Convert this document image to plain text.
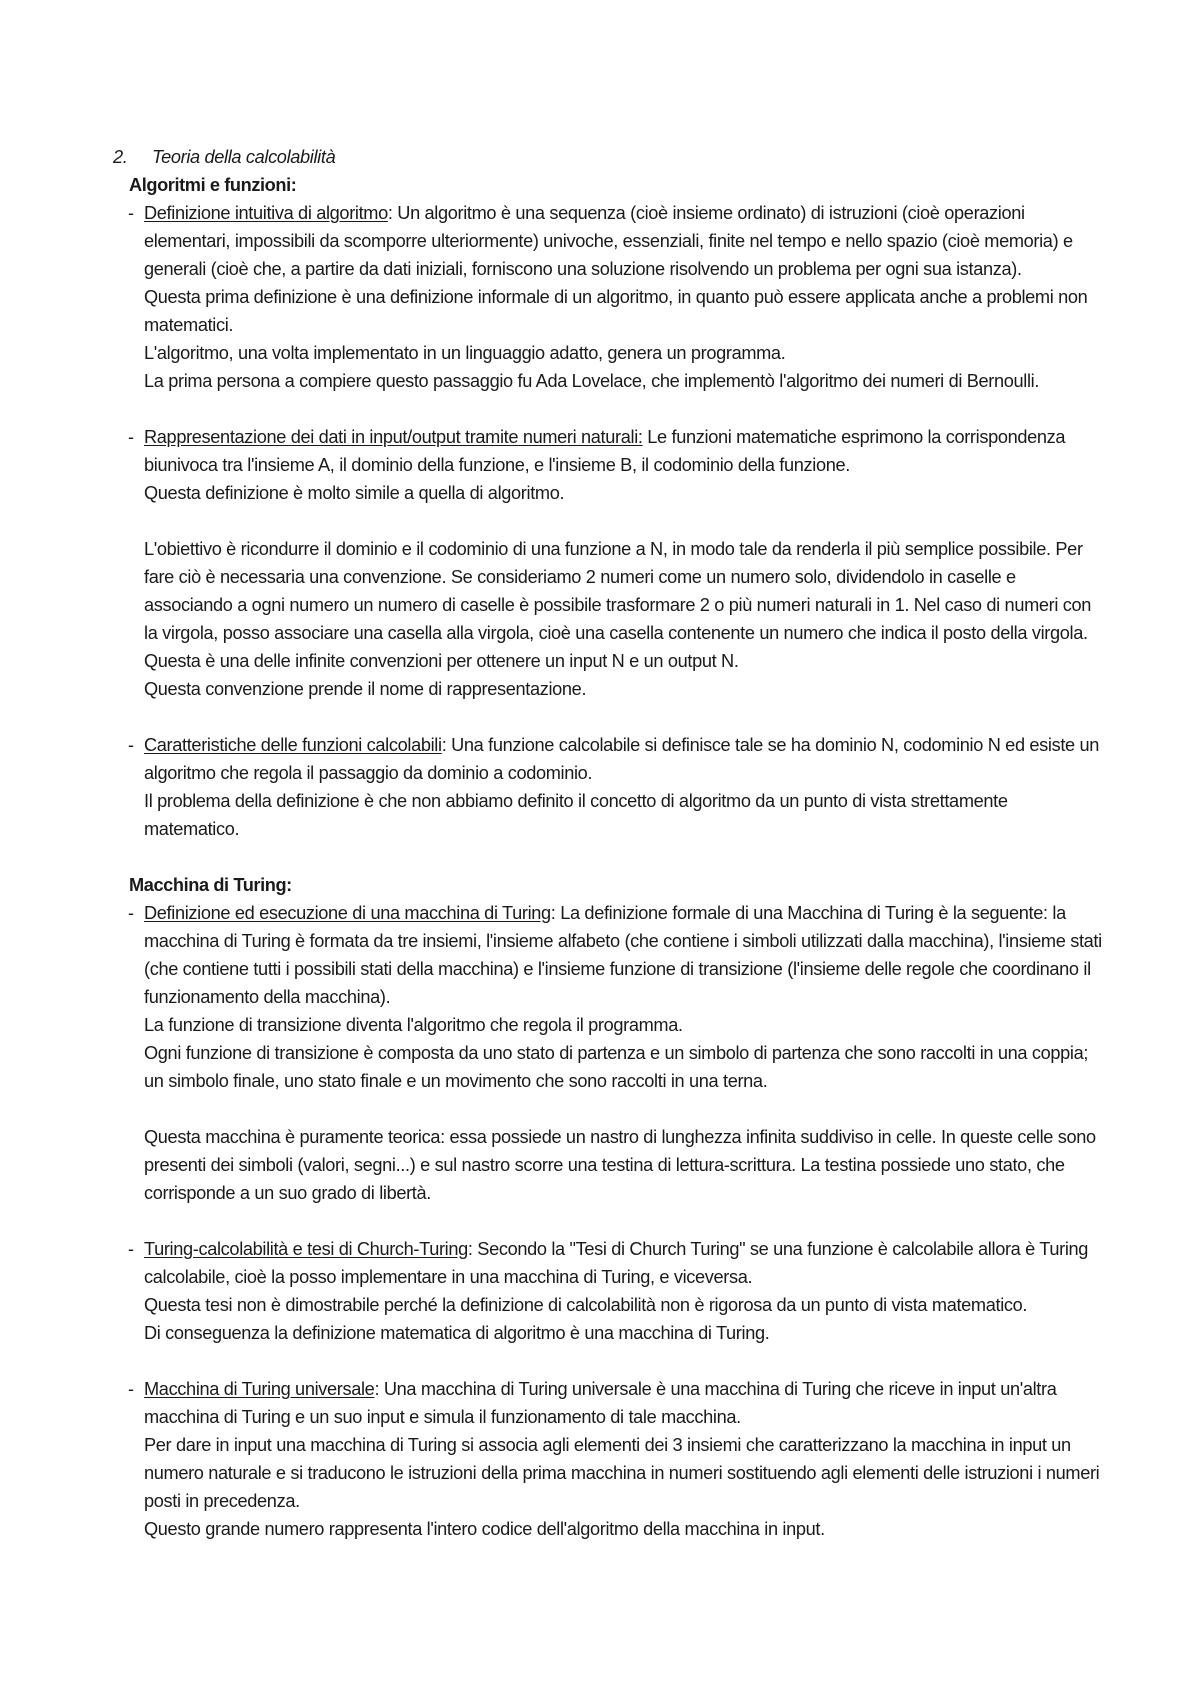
2. Teoria della calcolabilità

Algoritmi e funzioni:

- Definizione intuitiva di algoritmo: Un algoritmo è una sequenza (cioè insieme ordinato) di istruzioni (cioè operazioni elementari, impossibili da scomporre ulteriormente) univoche, essenziali, finite nel tempo e nello spazio (cioè memoria) e generali (cioè che, a partire da dati iniziali, forniscono una soluzione risolvendo un problema per ogni sua istanza).

Questa prima definizione è una definizione informale di un algoritmo, in quanto può essere applicata anche a problemi non matematici.

L'algoritmo, una volta implementato in un linguaggio adatto, genera un programma.

La prima persona a compiere questo passaggio fu Ada Lovelace, che implementò l'algoritmo dei numeri di Bernoulli.

- Rappresentazione dei dati in input/output tramite numeri naturali: Le funzioni matematiche esprimono la corrispondenza biunivoca tra l'insieme A, il dominio della funzione, e l'insieme B, il codominio della funzione.

Questa definizione è molto simile a quella di algoritmo.

L'obiettivo è ricondurre il dominio e il codominio di una funzione a N, in modo tale da renderla il più semplice possibile. Per fare ciò è necessaria una convenzione. Se consideriamo 2 numeri come un numero solo, dividendolo in caselle e associando a ogni numero un numero di caselle è possibile trasformare 2 o più numeri naturali in 1. Nel caso di numeri con la virgola, posso associare una casella alla virgola, cioè una casella contenente un numero che indica il posto della virgola. Questa è una delle infinite convenzioni per ottenere un input N e un output N.

Questa convenzione prende il nome di rappresentazione.

- Caratteristiche delle funzioni calcolabili: Una funzione calcolabile si definisce tale se ha dominio N, codominio N ed esiste un algoritmo che regola il passaggio da dominio a codominio.

Il problema della definizione è che non abbiamo definito il concetto di algoritmo da un punto di vista strettamente matematico.

Macchina di Turing:

- Definizione ed esecuzione di una macchina di Turing: La definizione formale di una Macchina di Turing è la seguente: la macchina di Turing è formata da tre insiemi, l'insieme alfabeto (che contiene i simboli utilizzati dalla macchina), l'insieme stati (che contiene tutti i possibili stati della macchina) e l'insieme funzione di transizione (l'insieme delle regole che coordinano il funzionamento della macchina).

La funzione di transizione diventa l'algoritmo che regola il programma.

Ogni funzione di transizione è composta da uno stato di partenza e un simbolo di partenza che sono raccolti in una coppia; un simbolo finale, uno stato finale e un movimento che sono raccolti in una terna.

Questa macchina è puramente teorica: essa possiede un nastro di lunghezza infinita suddiviso in celle. In queste celle sono presenti dei simboli (valori, segni...) e sul nastro scorre una testina di lettura-scrittura. La testina possiede uno stato, che corrisponde a un suo grado di libertà.

- Turing-calcolabilità e tesi di Church-Turing: Secondo la "Tesi di Church Turing" se una funzione è calcolabile allora è Turing calcolabile, cioè la posso implementare in una macchina di Turing, e viceversa.

Questa tesi non è dimostrabile perché la definizione di calcolabilità non è rigorosa da un punto di vista matematico.

Di conseguenza la definizione matematica di algoritmo è una macchina di Turing.

- Macchina di Turing universale: Una macchina di Turing universale è una macchina di Turing che riceve in input un'altra macchina di Turing e un suo input e simula il funzionamento di tale macchina.

Per dare in input una macchina di Turing si associa agli elementi dei 3 insiemi che caratterizzano la macchina in input un numero naturale e si traducono le istruzioni della prima macchina in numeri sostituendo agli elementi delle istruzioni i numeri posti in precedenza.

Questo grande numero rappresenta l'intero codice dell'algoritmo della macchina in input.
